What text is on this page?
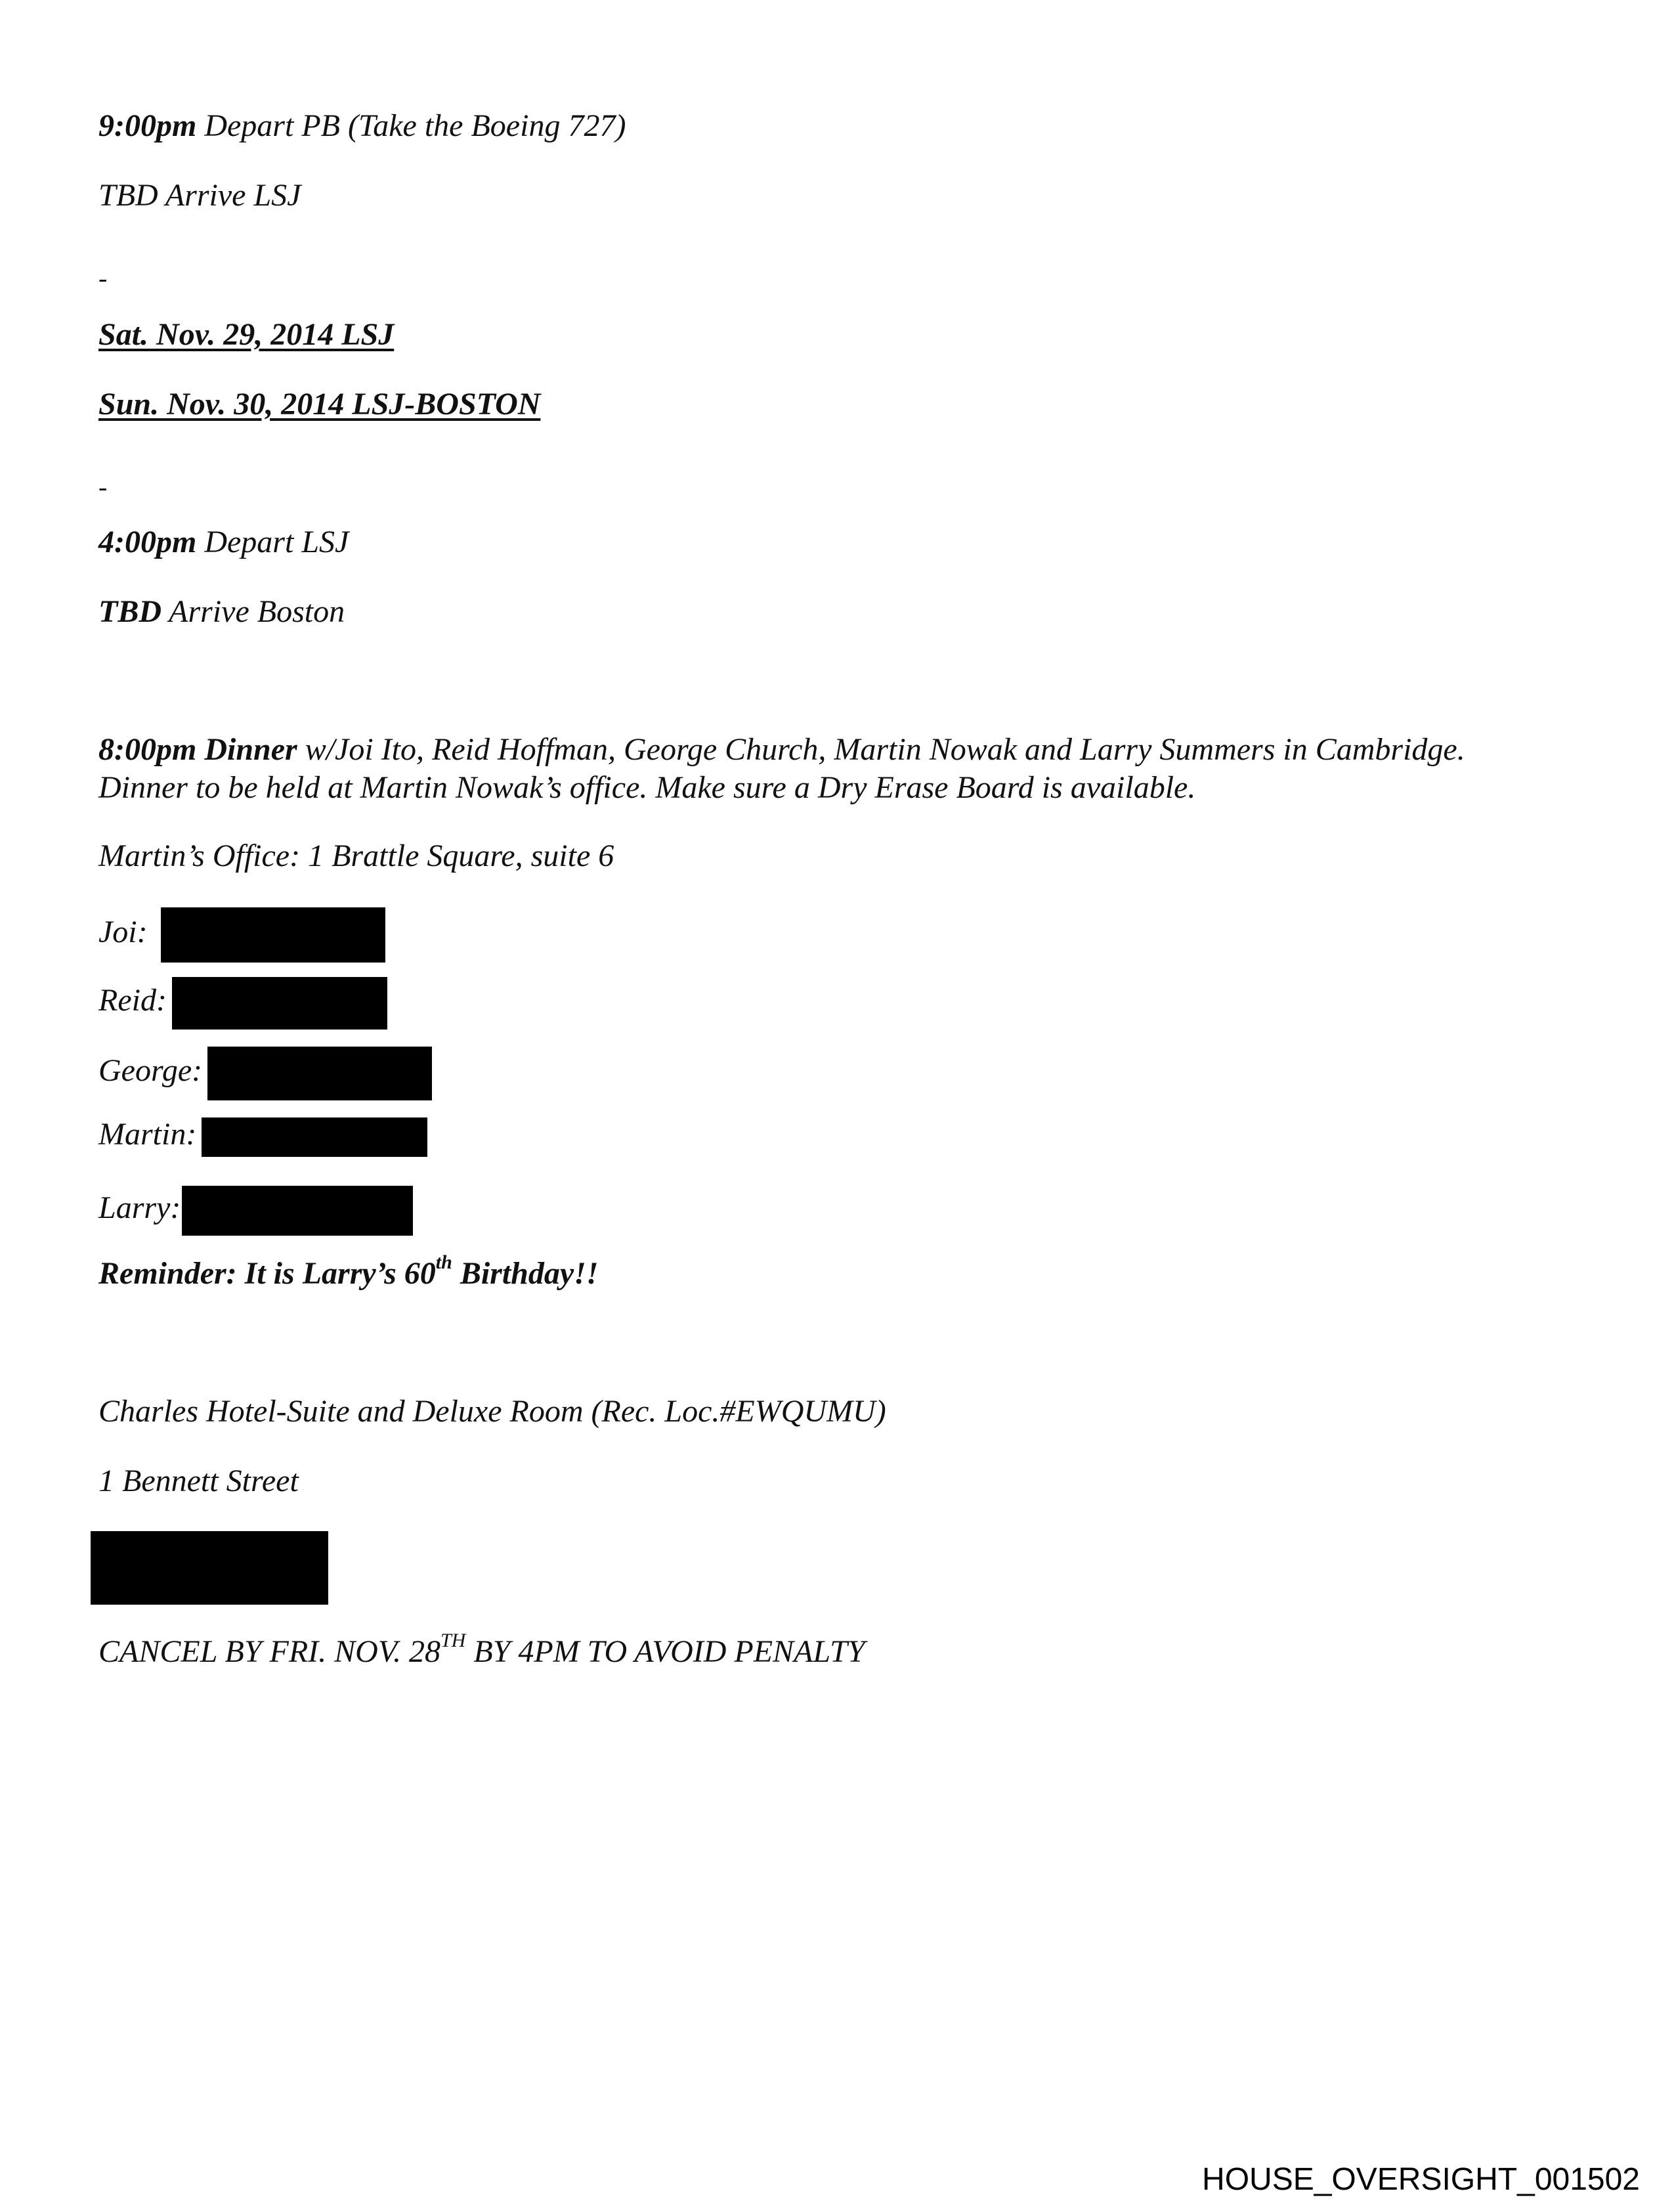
9:00pm Depart PB (Take the Boeing 727)
TBD Arrive LSJ
-
Sat. Nov. 29, 2014 LSJ
Sun. Nov. 30, 2014 LSJ-BOSTON
-
4:00pm Depart LSJ
TBD Arrive Boston
8:00pm Dinner w/Joi Ito, Reid Hoffman, George Church, Martin Nowak and Larry Summers in Cambridge.
Dinner to be held at Martin Nowak’s office. Make sure a Dry Erase Board is available.
Martin’s Office: 1 Brattle Square, suite 6
Joi:
Reid:
George:
Martin:
Larry:
Reminder: It is Larry’s 60th Birthday!!
Charles Hotel-Suite and Deluxe Room (Rec. Loc.#EWQUMU)
1 Bennett Street
CANCEL BY FRI. NOV. 28TH BY 4PM TO AVOID PENALTY
HOUSE_OVERSIGHT_001502
